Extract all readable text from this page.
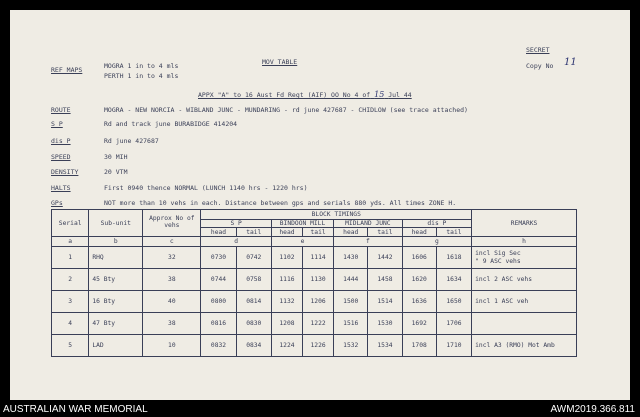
SECRET
Copy No 11
REF MAPS	MOGRA 1 in to 4 mls
PERTH 1 in to 4 mls
MOV TABLE
APPX "A" to 16 Aust Fd Regt (AIF) OO No 4 of 15 Jul 44
ROUTE	MOGRA - NEW NORCIA - WIBLAND JUNC - MUNDARING - rd june 427687 - CHIDLOW (see trace attached)
S P	Rd and track june BURABIDGE 414204
dis P	Rd june 427687
SPEED	30 MIH
DENSITY	20 VTM
HALTS	First 0940 thence NORMAL (LUNCH 1140 hrs - 1220 hrs)
GPs	NOT more than 10 vehs in each. Distance between gps and serials 880 yds. All times ZONE H.
Serial	Sub-unit	Approx No of vehs	BLOCK TIMINGS								REMARKS
			S P		BINDOON MILL		MIDLAND JUNC		dis P		
			head	tail	head	tail	head	tail	head	tail	
a	b	c	d		e		f		g		h
1	RHQ	32	0730	0742	1102	1114	1430	1442	1606	1618	incl Sig Sec
" 9 ASC vehs
2	45 Bty	38	0744	0758	1116	1130	1444	1458	1620	1634	incl 2 ASC vehs
3	16 Bty	40	0800	0814	1132	1206	1500	1514	1636	1650	incl 1 ASC veh
4	47 Bty	38	0816	0830	1208	1222	1516	1530	1692	1706	
5	LAD	10	0832	0834	1224	1226	1532	1534	1708	1710	incl A3 (RMO) Mot Amb
AUSTRALIAN WAR MEMORIAL	AWM2019.366.811
